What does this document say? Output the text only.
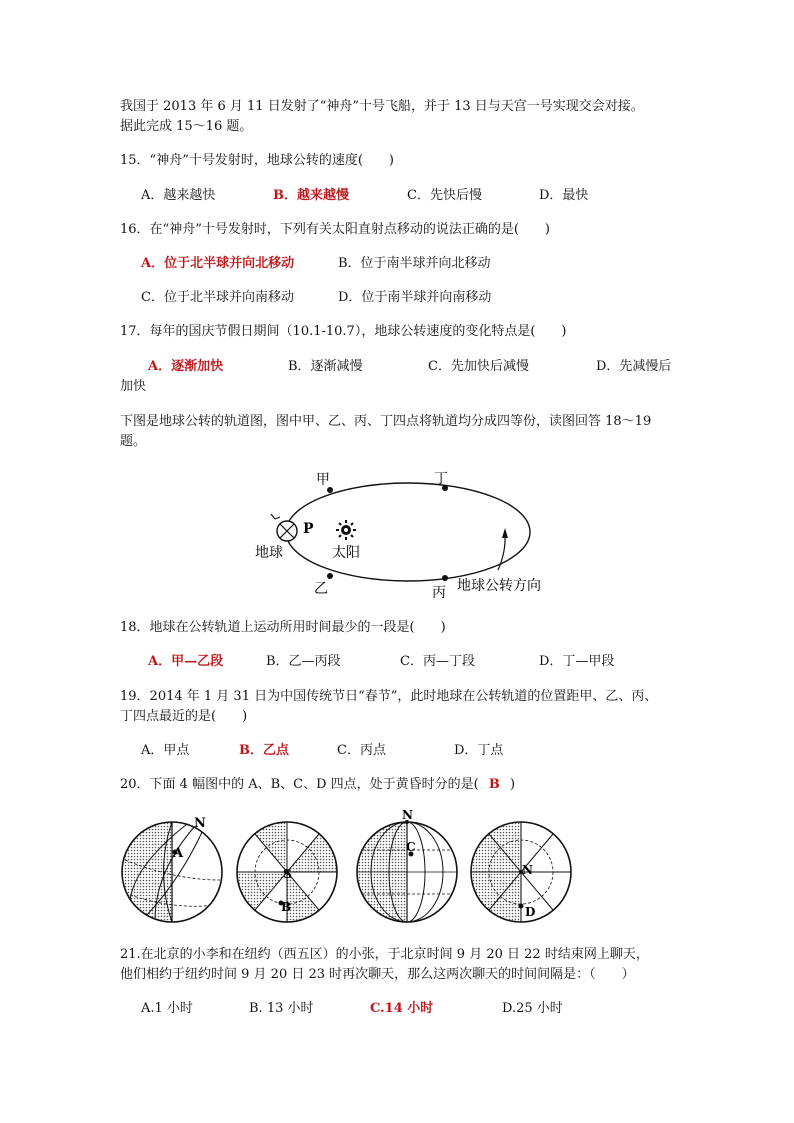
我国于 2013 年 6 月 11 日发射了“神舟”十号飞船，并于 13 日与天宫一号实现交会对接。
据此完成 15～16 题。
15．“神舟”十号发射时，地球公转的速度(　　)
A．越来越快	B．越来越慢	C．先快后慢	D．最快
16．在“神舟”十号发射时，下列有关太阳直射点移动的说法正确的是(　　)
A．位于北半球并向北移动	B．位于南半球并向北移动
C．位于北半球并向南移动	D．位于南半球并向南移动
17．每年的国庆节假日期间（10.1-10.7），地球公转速度的变化特点是(　　)
A．逐渐加快	B．逐渐减慢	C．先加快后减慢	D．先减慢后
加快
下图是地球公转的轨道图，图中甲、乙、丙、丁四点将轨道均分成四等份，读图回答 18～19
题。
甲	丁
乙	丙
P
地球	太阳
地球公转方向
18．地球在公转轨道上运动所用时间最少的一段是(　　)
A．甲—乙段	B．乙—丙段	C．丙—丁段	D．丁—甲段
19．2014 年 1 月 31 日为中国传统节日“春节”，此时地球在公转轨道的位置距甲、乙、丙、
丁四点最近的是(　　)
A．甲点	B．乙点	C．丙点	D．丁点
20．下面 4 幅图中的 A、B、C、D 四点，处于黄昏时分的是( B )
N
A
S
B
N
C
N
D
21.在北京的小李和在纽约（西五区）的小张，于北京时间 9 月 20 日 22 时结束网上聊天，
他们相约于纽约时间 9 月 20 日 23 时再次聊天，那么这两次聊天的时间间隔是：（　　）
A.1 小时	B. 13 小时	C.14 小时	D.25 小时
